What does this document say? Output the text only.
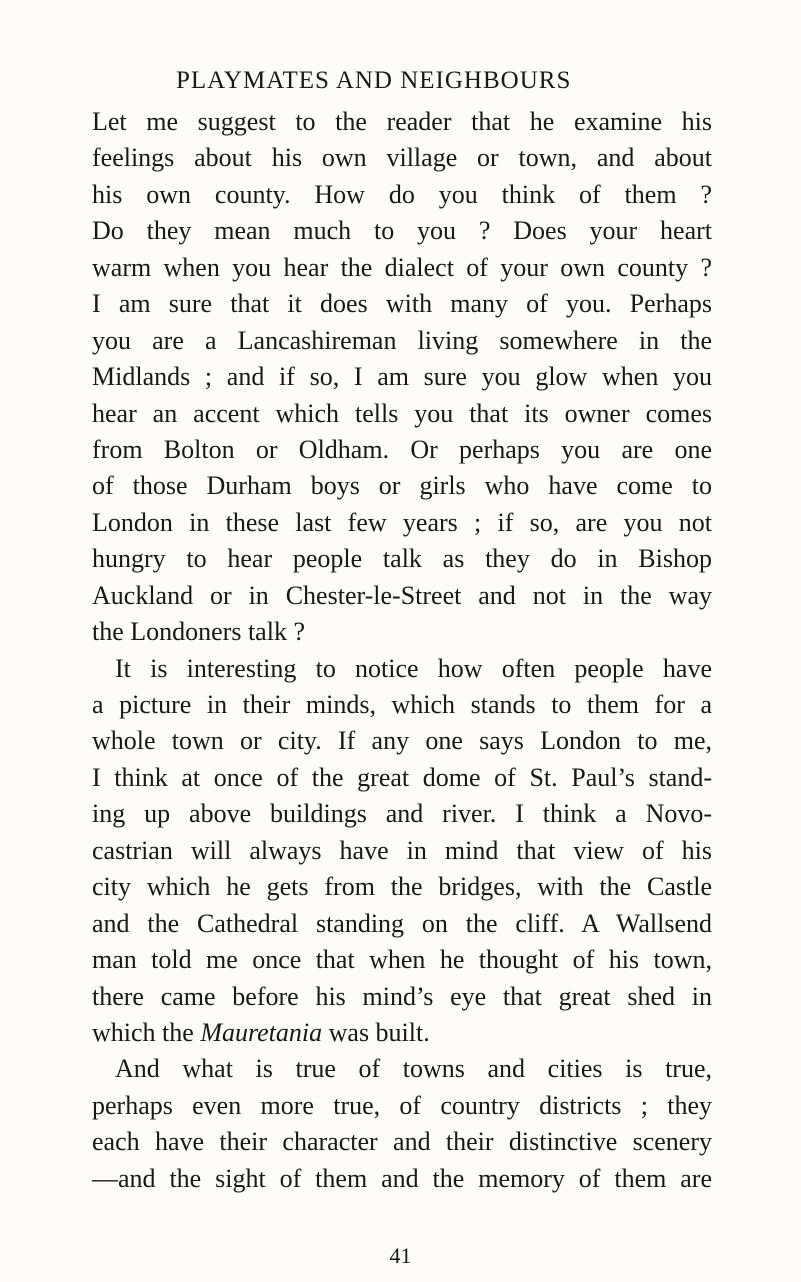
PLAYMATES AND NEIGHBOURS
Let me suggest to the reader that he examine his
feelings about his own village or town, and about
his own county. How do you think of them ?
Do they mean much to you ? Does your heart
warm when you hear the dialect of your own county ?
I am sure that it does with many of you. Perhaps
you are a Lancashireman living somewhere in the
Midlands ; and if so, I am sure you glow when you
hear an accent which tells you that its owner comes
from Bolton or Oldham. Or perhaps you are one
of those Durham boys or girls who have come to
London in these last few years ; if so, are you not
hungry to hear people talk as they do in Bishop
Auckland or in Chester-le-Street and not in the way
the Londoners talk ?
It is interesting to notice how often people have
a picture in their minds, which stands to them for a
whole town or city. If any one says London to me,
I think at once of the great dome of St. Paul’s stand-
ing up above buildings and river. I think a Novo-
castrian will always have in mind that view of his
city which he gets from the bridges, with the Castle
and the Cathedral standing on the cliff. A Wallsend
man told me once that when he thought of his town,
there came before his mind’s eye that great shed in
which the Mauretania was built.
And what is true of towns and cities is true,
perhaps even more true, of country districts ; they
each have their character and their distinctive scenery
—and the sight of them and the memory of them are
41
